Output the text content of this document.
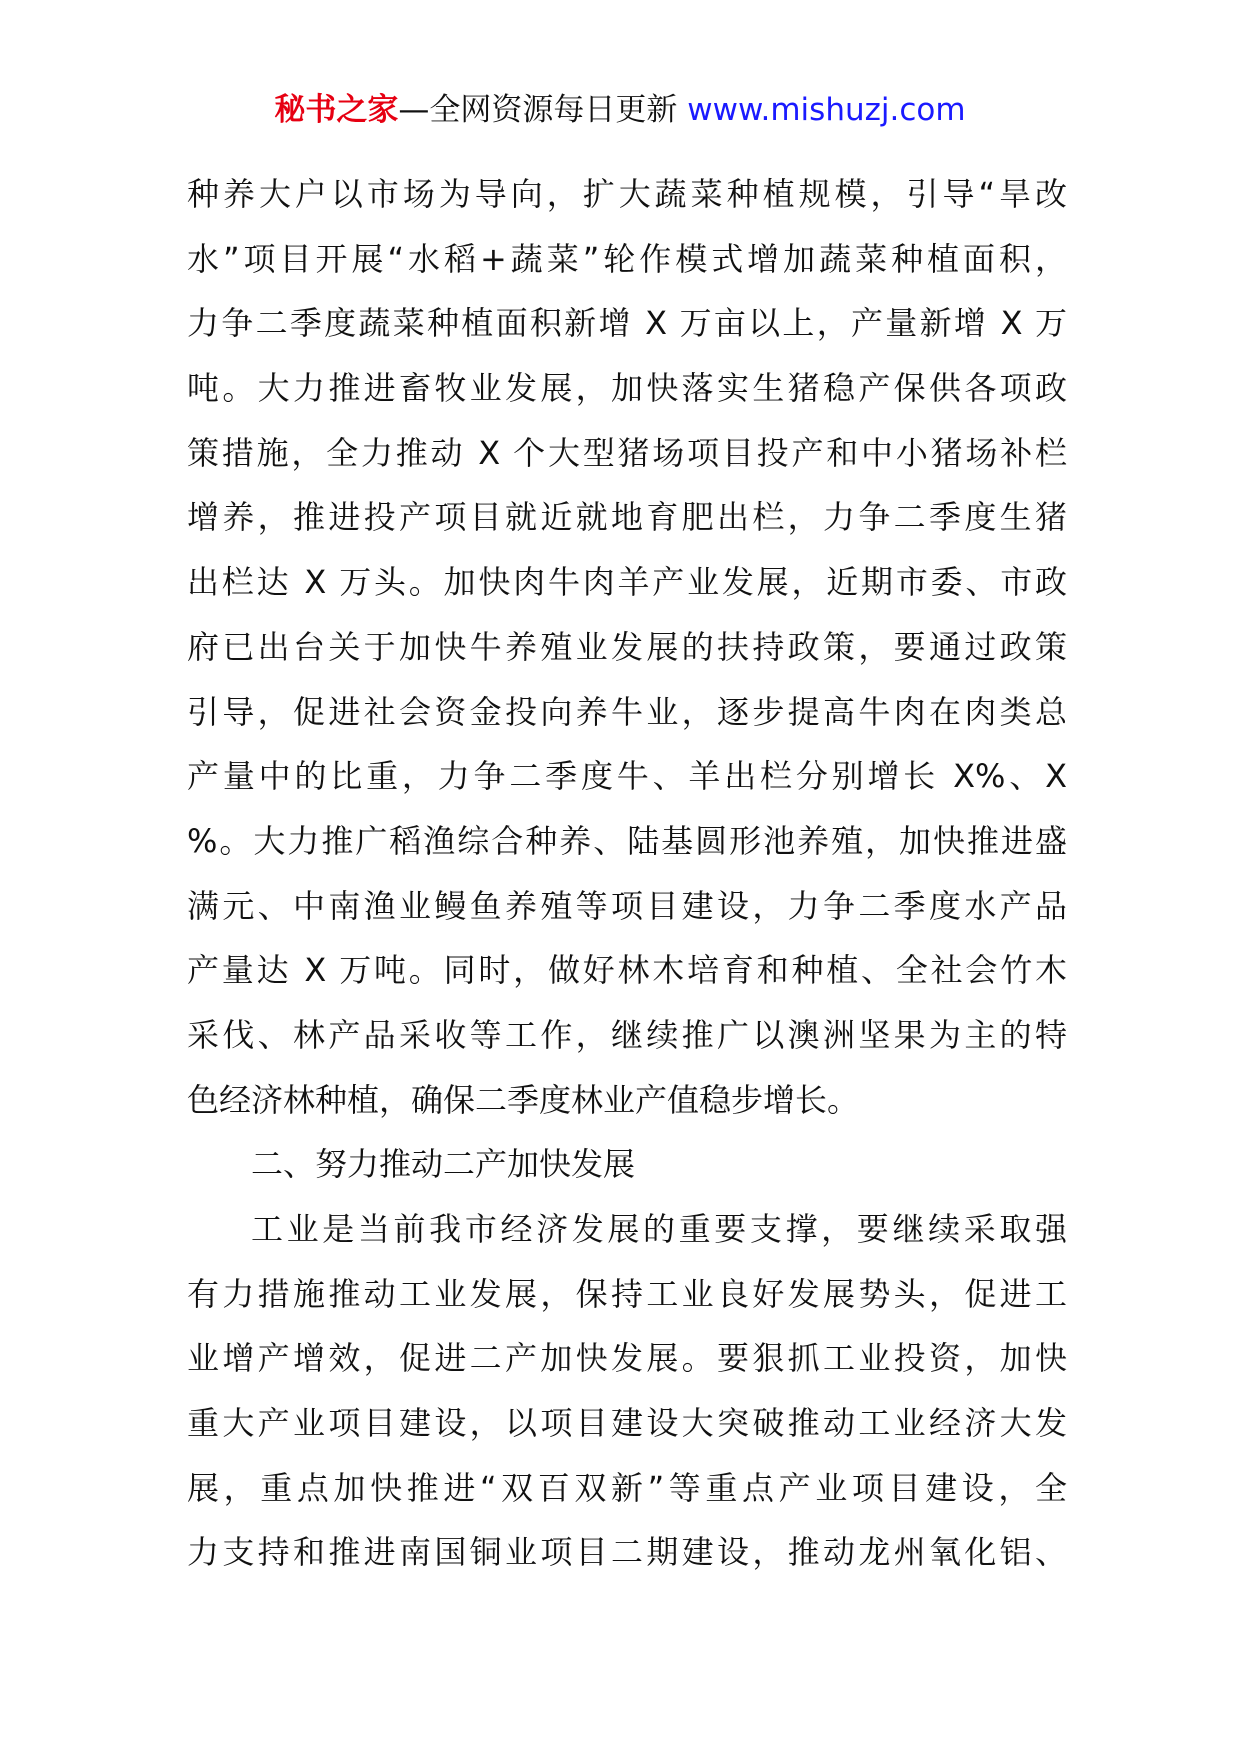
秘书之家—全网资源每日更新 www.mishuzj.com
种养大户以市场为导向，扩大蔬菜种植规模，引导“旱改
水”项目开展“水稻+蔬菜”轮作模式增加蔬菜种植面积，
力争二季度蔬菜种植面积新增 X 万亩以上，产量新增 X 万
吨。大力推进畜牧业发展，加快落实生猪稳产保供各项政
策措施，全力推动 X 个大型猪场项目投产和中小猪场补栏
增养，推进投产项目就近就地育肥出栏，力争二季度生猪
出栏达 X 万头。加快肉牛肉羊产业发展，近期市委、市政
府已出台关于加快牛养殖业发展的扶持政策，要通过政策
引导，促进社会资金投向养牛业，逐步提高牛肉在肉类总
产量中的比重，力争二季度牛、羊出栏分别增长 X%、X
%。大力推广稻渔综合种养、陆基圆形池养殖，加快推进盛
满元、中南渔业鳗鱼养殖等项目建设，力争二季度水产品
产量达 X 万吨。同时，做好林木培育和种植、全社会竹木
采伐、林产品采收等工作，继续推广以澳洲坚果为主的特
色经济林种植，确保二季度林业产值稳步增长。
二、努力推动二产加快发展
工业是当前我市经济发展的重要支撑，要继续采取强
有力措施推动工业发展，保持工业良好发展势头，促进工
业增产增效，促进二产加快发展。要狠抓工业投资，加快
重大产业项目建设，以项目建设大突破推动工业经济大发
展，重点加快推进“双百双新”等重点产业项目建设，全
力支持和推进南国铜业项目二期建设，推动龙州氧化铝、
